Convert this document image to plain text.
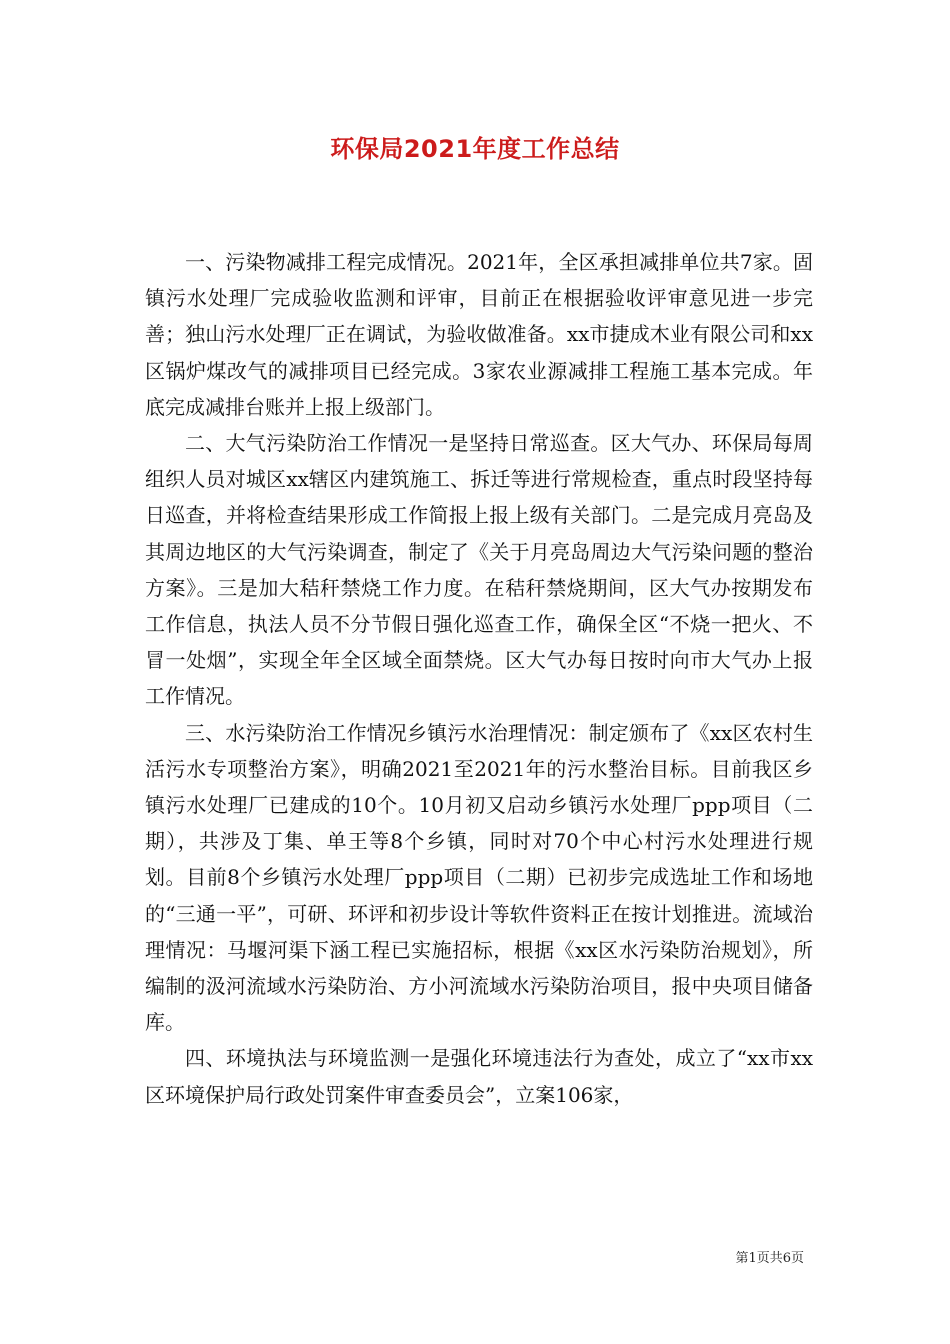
环保局2021年度工作总结

一、污染物减排工程完成情况。2021年，全区承担减排单位共7家。固镇污水处理厂完成验收监测和评审，目前正在根据验收评审意见进一步完善；独山污水处理厂正在调试，为验收做准备。xx市捷成木业有限公司和xx区锅炉煤改气的减排项目已经完成。3家农业源减排工程施工基本完成。年底完成减排台账并上报上级部门。

二、大气污染防治工作情况一是坚持日常巡查。区大气办、环保局每周组织人员对城区xx辖区内建筑施工、拆迁等进行常规检查，重点时段坚持每日巡查，并将检查结果形成工作简报上报上级有关部门。二是完成月亮岛及其周边地区的大气污染调查，制定了《关于月亮岛周边大气污染问题的整治方案》。三是加大秸秆禁烧工作力度。在秸秆禁烧期间，区大气办按期发布工作信息，执法人员不分节假日强化巡查工作，确保全区“不烧一把火、不冒一处烟”，实现全年全区域全面禁烧。区大气办每日按时向市大气办上报工作情况。

三、水污染防治工作情况乡镇污水治理情况：制定颁布了《xx区农村生活污水专项整治方案》，明确2021至2021年的污水整治目标。目前我区乡镇污水处理厂已建成的10个。10月初又启动乡镇污水处理厂ppp项目（二期），共涉及丁集、单王等8个乡镇，同时对70个中心村污水处理进行规划。目前8个乡镇污水处理厂ppp项目（二期）已初步完成选址工作和场地的“三通一平”，可研、环评和初步设计等软件资料正在按计划推进。流域治理情况：马堰河渠下涵工程已实施招标，根据《xx区水污染防治规划》，所编制的汲河流域水污染防治、方小河流域水污染防治项目，报中央项目储备库。

四、环境执法与环境监测一是强化环境违法行为查处，成立了“xx市xx区环境保护局行政处罚案件审查委员会”，立案106家，

第1页共6页
